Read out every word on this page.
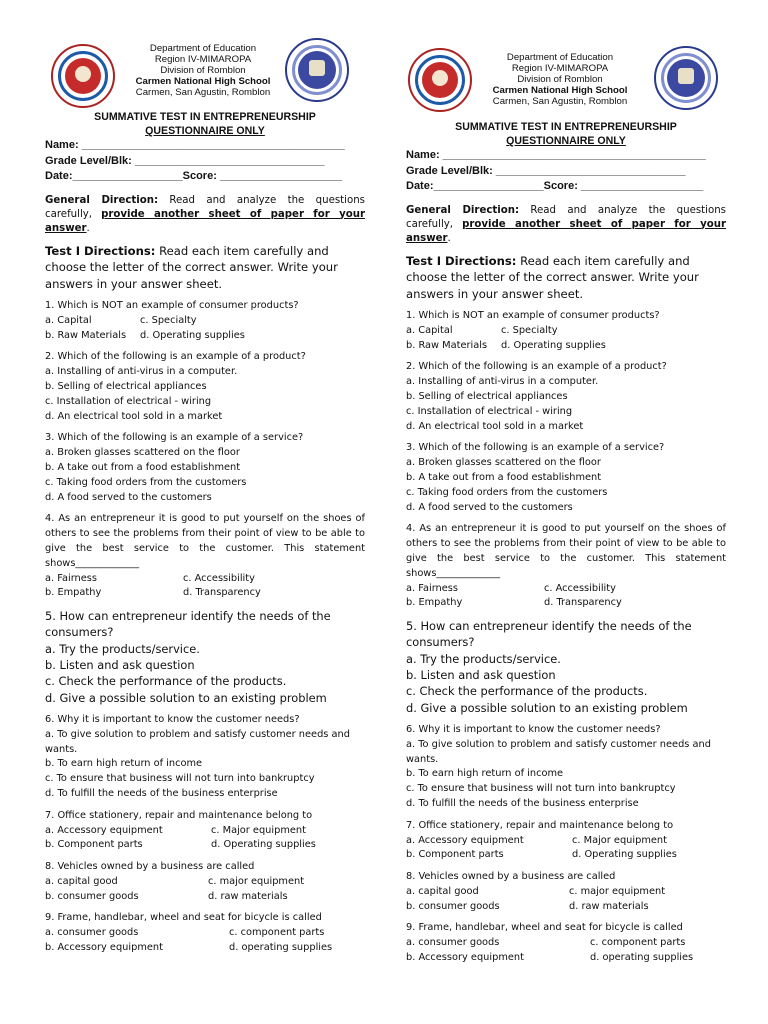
Department of Education
Region IV-MIMAROPA
Division of Romblon
Carmen National High School
Carmen, San Agustin, Romblon
SUMMATIVE TEST IN ENTREPRENEURSHIP
QUESTIONNAIRE ONLY
Name: ___________________________________________
Grade Level/Blk: _______________________________
Date:__________________Score: ____________________
General Direction: Read and analyze the questions carefully, provide another sheet of paper for your answer.
Test I Directions: Read each item carefully and choose the letter of the correct answer. Write your answers in your answer sheet.
1. Which is NOT an example of consumer products?
a. Capital	c. Specialty
b. Raw Materials	d. Operating supplies
2. Which of the following is an example of a product?
a. Installing of anti-virus in a computer.
b. Selling of electrical appliances
c. Installation of electrical - wiring
d. An electrical tool sold in a market
3. Which of the following is an example of a service?
a. Broken glasses scattered on the floor
b. A take out from a food establishment
c. Taking food orders from the customers
d. A food served to the customers
4. As an entrepreneur it is good to put yourself on the shoes of others to see the problems from their point of view to be able to give the best service to the customer. This statement shows_____________
a. Fairness	c. Accessibility
b. Empathy	d. Transparency
5. How can entrepreneur identify the needs of the consumers?
a. Try the products/service.
b. Listen and ask question
c. Check the performance of the products.
d. Give a possible solution to an existing problem
6. Why it is important to know the customer needs?
a. To give solution to problem and satisfy customer needs and wants.
b. To earn high return of income
c. To ensure that business will not turn into bankruptcy
d. To fulfill the needs of the business enterprise
7. Office stationery, repair and maintenance belong to
a. Accessory equipment	c. Major equipment
b. Component parts	d. Operating supplies
8. Vehicles owned by a business are called
a. capital good	c. major equipment
b. consumer goods	d. raw materials
9. Frame, handlebar, wheel and seat for bicycle is called
a. consumer goods	c. component parts
b. Accessory equipment	d. operating supplies
Department of Education
Region IV-MIMAROPA
Division of Romblon
Carmen National High School
Carmen, San Agustin, Romblon
SUMMATIVE TEST IN ENTREPRENEURSHIP
QUESTIONNAIRE ONLY
Name: ___________________________________________
Grade Level/Blk: _______________________________
Date:__________________Score: ____________________
General Direction: Read and analyze the questions carefully, provide another sheet of paper for your answer.
Test I Directions: Read each item carefully and choose the letter of the correct answer. Write your answers in your answer sheet.
1. Which is NOT an example of consumer products?
a. Capital	c. Specialty
b. Raw Materials	d. Operating supplies
2. Which of the following is an example of a product?
a. Installing of anti-virus in a computer.
b. Selling of electrical appliances
c. Installation of electrical - wiring
d. An electrical tool sold in a market
3. Which of the following is an example of a service?
a. Broken glasses scattered on the floor
b. A take out from a food establishment
c. Taking food orders from the customers
d. A food served to the customers
4. As an entrepreneur it is good to put yourself on the shoes of others to see the problems from their point of view to be able to give the best service to the customer. This statement shows_____________
a. Fairness	c. Accessibility
b. Empathy	d. Transparency
5. How can entrepreneur identify the needs of the consumers?
a. Try the products/service.
b. Listen and ask question
c. Check the performance of the products.
d. Give a possible solution to an existing problem
6. Why it is important to know the customer needs?
a. To give solution to problem and satisfy customer needs and wants.
b. To earn high return of income
c. To ensure that business will not turn into bankruptcy
d. To fulfill the needs of the business enterprise
7. Office stationery, repair and maintenance belong to
a. Accessory equipment	c. Major equipment
b. Component parts	d. Operating supplies
8. Vehicles owned by a business are called
a. capital good	c. major equipment
b. consumer goods	d. raw materials
9. Frame, handlebar, wheel and seat for bicycle is called
a. consumer goods	c. component parts
b. Accessory equipment	d. operating supplies
